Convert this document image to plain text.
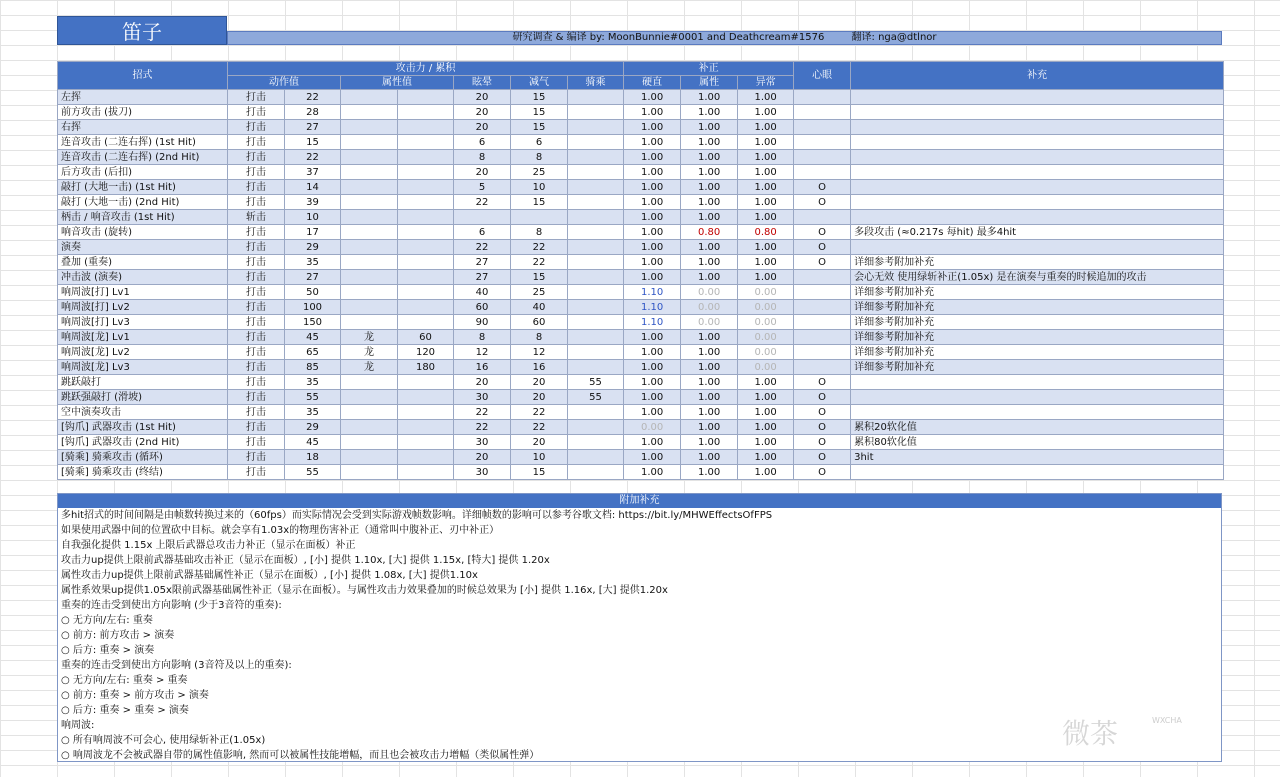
笛子	研究调查 & 编译 by: MoonBunnie#0001 and Deathcream#1576	翻译: nga@dtlnor
招式	攻击力 / 累积							补正			心眼	补充
	动作值		属性值		眩晕	减气	骑乘	硬直	属性	异常		
左挥	打击	22			20	15		1.00	1.00	1.00		
前方攻击 (拔刀)	打击	28			20	15		1.00	1.00	1.00		
右挥	打击	27			20	15		1.00	1.00	1.00		
连音攻击 (二连右挥) (1st Hit)	打击	15			6	6		1.00	1.00	1.00		
连音攻击 (二连右挥) (2nd Hit)	打击	22			8	8		1.00	1.00	1.00		
后方攻击 (后扣)	打击	37			20	25		1.00	1.00	1.00		
敲打 (大地一击) (1st Hit)	打击	14			5	10		1.00	1.00	1.00	O	
敲打 (大地一击) (2nd Hit)	打击	39			22	15		1.00	1.00	1.00	O	
柄击 / 响音攻击 (1st Hit)	斩击	10						1.00	1.00	1.00		
响音攻击 (旋转)	打击	17			6	8		1.00	0.80	0.80	O	多段攻击 (≈0.217s 每hit) 最多4hit
演奏	打击	29			22	22		1.00	1.00	1.00	O	
叠加 (重奏)	打击	35			27	22		1.00	1.00	1.00	O	详细参考附加补充
冲击波 (演奏)	打击	27			27	15		1.00	1.00	1.00		会心无效 使用绿斩补正(1.05x) 是在演奏与重奏的时候追加的攻击
响周波[打] Lv1	打击	50			40	25		1.10	0.00	0.00		详细参考附加补充
响周波[打] Lv2	打击	100			60	40		1.10	0.00	0.00		详细参考附加补充
响周波[打] Lv3	打击	150			90	60		1.10	0.00	0.00		详细参考附加补充
响周波[龙] Lv1	打击	45	龙	60	8	8		1.00	1.00	0.00		详细参考附加补充
响周波[龙] Lv2	打击	65	龙	120	12	12		1.00	1.00	0.00		详细参考附加补充
响周波[龙] Lv3	打击	85	龙	180	16	16		1.00	1.00	0.00		详细参考附加补充
跳跃敲打	打击	35			20	20	55	1.00	1.00	1.00	O	
跳跃强敲打 (滑坡)	打击	55			30	20	55	1.00	1.00	1.00	O	
空中演奏攻击	打击	35			22	22		1.00	1.00	1.00	O	
[钩爪] 武器攻击 (1st Hit)	打击	29			22	22		0.00	1.00	1.00	O	累积20软化值
[钩爪] 武器攻击 (2nd Hit)	打击	45			30	20		1.00	1.00	1.00	O	累积80软化值
[骑乘] 骑乘攻击 (循环)	打击	18			20	10		1.00	1.00	1.00	O	3hit
[骑乘] 骑乘攻击 (终结)	打击	55			30	15		1.00	1.00	1.00	O	
附加补充
多hit招式的时间间隔是由帧数转换过来的（60fps）而实际情况会受到实际游戏帧数影响。详细帧数的影响可以参考谷歌文档: https://bit.ly/MHWEffectsOfFPS
如果使用武器中间的位置砍中目标。就会享有1.03x的物理伤害补正（通常叫中腹补正、刃中补正）
自我强化提供 1.15x 上限后武器总攻击力补正（显示在面板）补正
攻击力up提供上限前武器基础攻击补正（显示在面板）, [小] 提供 1.10x, [大] 提供 1.15x, [特大] 提供 1.20x
属性攻击力up提供上限前武器基础属性补正（显示在面板）, [小] 提供 1.08x, [大] 提供1.10x
属性系效果up提供1.05x限前武器基础属性补正（显示在面板）。与属性攻击力效果叠加的时候总效果为 [小] 提供 1.16x, [大] 提供1.20x
重奏的连击受到使出方向影响 (少于3音符的重奏):
○ 无方向/左右: 重奏
○ 前方: 前方攻击 > 演奏
○ 后方: 重奏 > 演奏
重奏的连击受到使出方向影响 (3音符及以上的重奏):
○ 无方向/左右: 重奏 > 重奏
○ 前方: 重奏 > 前方攻击 > 演奏
○ 后方: 重奏 > 重奏 > 演奏
响周波:
○ 所有响周波不可会心, 使用绿斩补正(1.05x)
○ 响周波龙不会被武器自带的属性值影响, 然而可以被属性技能增幅，而且也会被攻击力增幅（类似属性弹）
微茶	WXCHA
